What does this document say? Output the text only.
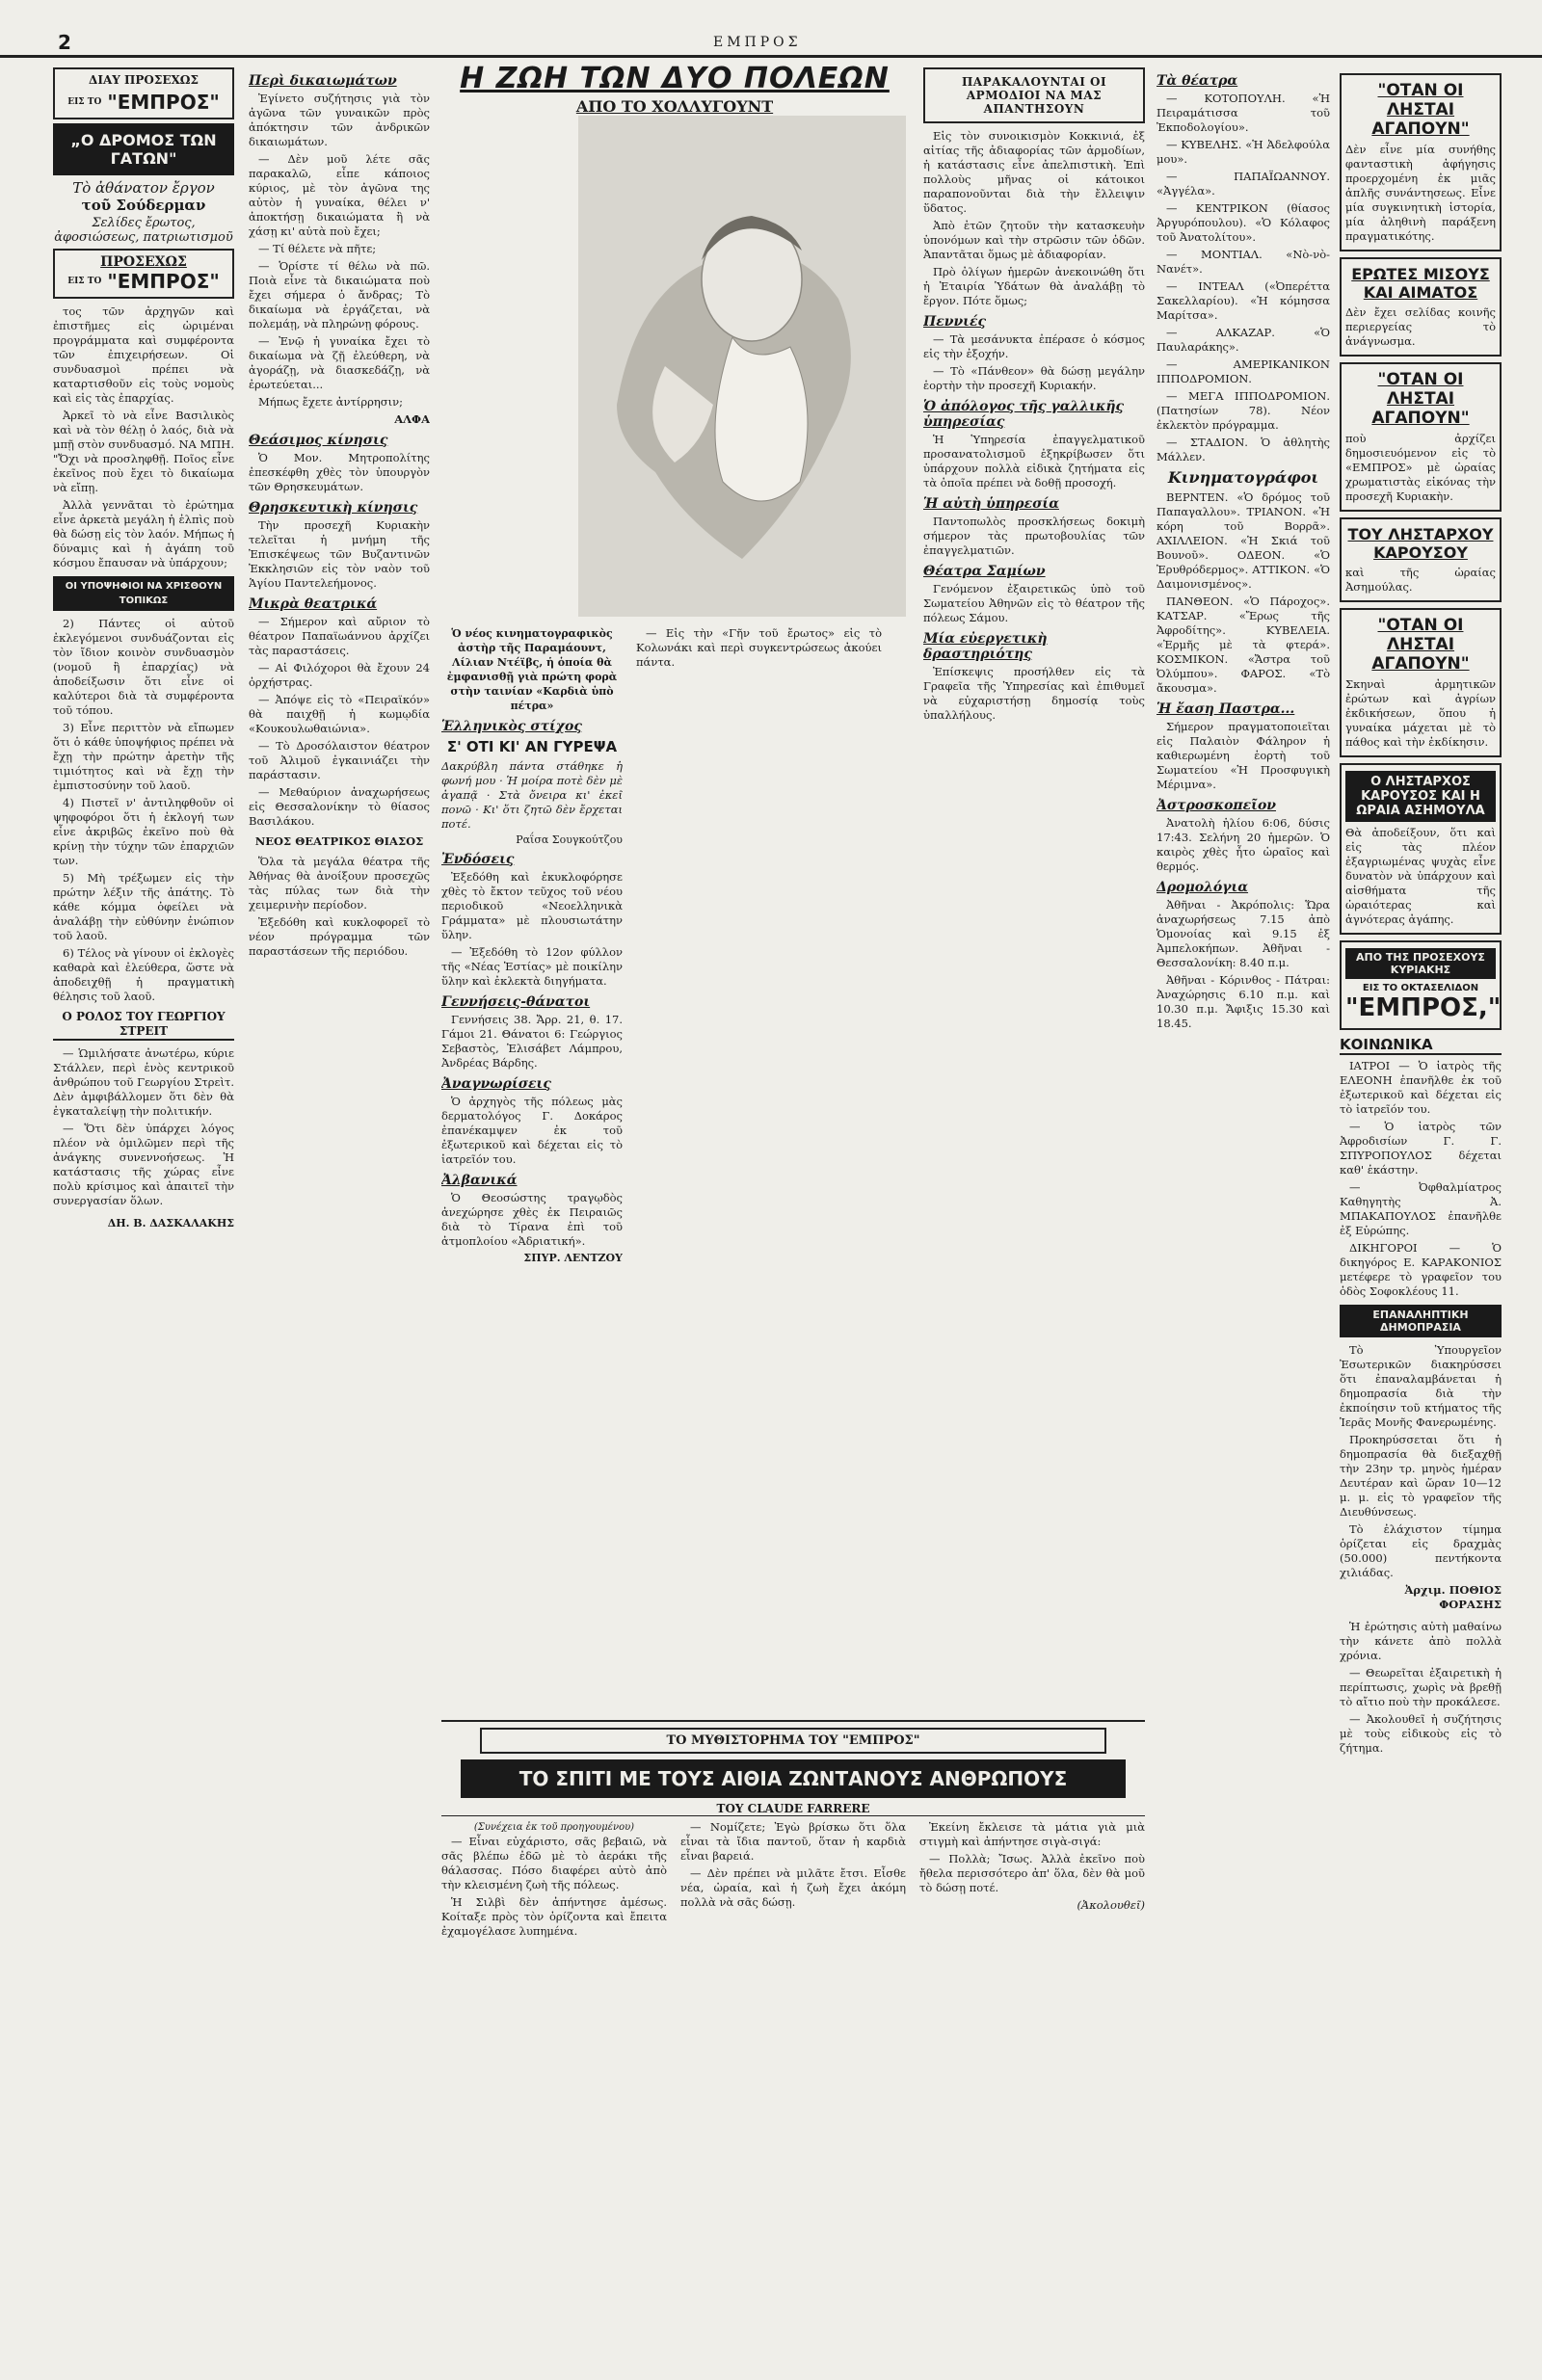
2	ΕΜΠΡΟΣ
ΔΙΑΥ ΠΡΟΣΕΧΩΣ
ΕΙΣ ΤΟ "ΕΜΠΡΟΣ"
„Ο ΔΡΟΜΟΣ ΤΩΝ ΓΑΤΩΝ"
Τὸ ἀθάνατον ἔργον
τοῦ Σούδερμαν
Σελίδες ἔρωτος, ἀφοσιώσεως, πατριωτισμοῦ
ΠΡΟΣΕΧΩΣ
ΕΙΣ ΤΟ "ΕΜΠΡΟΣ"

τος τῶν ἀρχηγῶν καὶ ἐπιστῆμες εἰς ὠριμέναι προγράμματα καὶ συμφέροντα τῶν ἐπιχειρήσεων. Οἱ συνδυασμοὶ πρέπει νὰ καταρτισθοῦν εἰς τοὺς νομοὺς καὶ εἰς τὰς ἐπαρχίας.

Ἀρκεῖ τὸ νὰ εἶνε Βασιλικὸς καὶ νὰ τὸν θέλῃ ὁ λαός, διὰ νὰ μπῇ στὸν συνδυασμό. ΝΑ ΜΠΗ. "Ὄχι νὰ προσληφθῇ. Ποῖος εἶνε ἐκεῖνος ποὺ ἔχει τὸ δικαίωμα νὰ εἴπῃ.

Ἀλλὰ γεννᾶται τὸ ἐρώτημα εἶνε ἀρκετὰ μεγάλη ἡ ἐλπὶς ποὺ θὰ δώσῃ εἰς τὸν λαόν. Μήπως ἡ δύναμις καὶ ἡ ἀγάπη τοῦ κόσμου ἔπαυσαν νὰ ὑπάρχουν;

ΟΙ ΥΠΟΨΗΦΙΟΙ ΝΑ ΧΡΙΣΘΟΥΝ ΤΟΠΙΚΩΣ

2) Πάντες οἱ αὐτοῦ ἐκλεγόμενοι συνδυάζονται εἰς τὸν ἴδιον κοινὸν συνδυασμὸν (νομοῦ ἢ ἐπαρχίας) νὰ ἀποδείξωσιν ὅτι εἶνε οἱ καλύτεροι διὰ τὰ συμφέροντα τοῦ τόπου.

3) Εἶνε περιττὸν νὰ εἴπωμεν ὅτι ὁ κάθε ὑποψήφιος πρέπει νὰ ἔχῃ τὴν πρώτην ἀρετὴν τῆς τιμιότητος καὶ νὰ ἔχῃ τὴν ἐμπιστοσύνην τοῦ λαοῦ.

4) Πιστεῖ ν' ἀντιληφθοῦν οἱ ψηφοφόροι ὅτι ἡ ἐκλογή των εἶνε ἀκριβῶς ἐκεῖνο ποὺ θὰ κρίνῃ τὴν τύχην τῶν ἐπαρχιῶν των.

5) Μὴ τρέξωμεν εἰς τὴν πρώτην λέξιν τῆς ἀπάτης. Τὸ κάθε κόμμα ὀφείλει νὰ ἀναλάβῃ τὴν εὐθύνην ἐνώπιον τοῦ λαοῦ.

6) Τέλος νὰ γίνουν οἱ ἐκλογὲς καθαρὰ καὶ ἐλεύθερα, ὥστε νὰ ἀποδειχθῇ ἡ πραγματικὴ θέλησις τοῦ λαοῦ.

Ο ΡΟΛΟΣ ΤΟΥ ΓΕΩΡΓΙΟΥ ΣΤΡΕΙΤ

— Ὡμιλήσατε ἀνωτέρω, κύριε Στάλλεν, περὶ ἑνὸς κεντρικοῦ ἀνθρώπου τοῦ Γεωργίου Στρεὶτ. Δὲν ἀμφιβάλλομεν ὅτι δὲν θὰ ἐγκαταλείψῃ τὴν πολιτικήν.

— Ὅτι δὲν ὑπάρχει λόγος πλέον νὰ ὁμιλῶμεν περὶ τῆς ἀνάγκης συνεννοήσεως. Ἡ κατάστασις τῆς χώρας εἶνε πολὺ κρίσιμος καὶ ἀπαιτεῖ τὴν συνεργασίαν ὅλων.

ΔΗ. Β. ΔΑΣΚΑΛΑΚΗΣ
Περὶ δικαιωμάτων

Ἐγίνετο συζήτησις γιὰ τὸν ἀγῶνα τῶν γυναικῶν πρὸς ἀπόκτησιν τῶν ἀνδρικῶν δικαιωμάτων.

— Δὲν μοῦ λέτε σᾶς παρακαλῶ, εἶπε κάποιος κύριος, μὲ τὸν ἀγῶνα της αὐτὸν ἡ γυναίκα, θέλει ν' ἀποκτήσῃ δικαιώματα ἢ νὰ χάσῃ κι' αὐτὰ ποὺ ἔχει;

— Τί θέλετε νὰ πῆτε;

— Ὁρίστε τί θέλω νὰ πῶ. Ποιὰ εἶνε τὰ δικαιώματα ποὺ ἔχει σήμερα ὁ ἄνδρας; Τὸ δικαίωμα νὰ ἐργάζεται, νὰ πολεμάῃ, νὰ πληρώνῃ φόρους.

— Ἐνῷ ἡ γυναίκα ἔχει τὸ δικαίωμα νὰ ζῇ ἐλεύθερη, νὰ ἀγοράζῃ, νὰ διασκεδάζῃ, νὰ ἐρωτεύεται...

Μήπως ἔχετε ἀντίρρησιν;

ΑΛΦΑ
Θεάσιμος κίνησις

Ὁ Μον. Μητροπολίτης ἐπεσκέφθη χθὲς τὸν ὑπουργὸν τῶν Θρησκευμάτων.

Θρησκευτικὴ κίνησις

Τὴν προσεχῆ Κυριακὴν τελεῖται ἡ μνήμη τῆς Ἐπισκέψεως τῶν Βυζαντινῶν Ἐκκλησιῶν εἰς τὸν ναὸν τοῦ Ἁγίου Παντελεήμονος.

Μικρὰ θεατρικά

— Σήμερον καὶ αὔριον τὸ θέατρον Παπαϊωάννου ἀρχίζει τὰς παραστάσεις.

— Αἱ Φιλόχοροι θὰ ἔχουν 24 ὀρχήστρας.

— Ἀπόψε εἰς τὸ «Πειραϊκόν» θὰ παιχθῇ ἡ κωμῳδία «Κουκουλωθαιώνια».

— Τὸ Δροσόλαιστον θέατρον τοῦ Ἀλιμοῦ ἐγκαινιάζει τὴν παράστασιν.

— Μεθαύριον ἀναχωρήσεως εἰς Θεσσαλονίκην τὸ θίασος Βασιλάκου.

ΝΕΟΣ ΘΕΑΤΡΙΚΟΣ ΘΙΑΣΟΣ

Ὅλα τὰ μεγάλα θέατρα τῆς Ἀθήνας θὰ ἀνοίξουν προσεχῶς τὰς πύλας των διὰ τὴν χειμερινὴν περίοδον.

Ἐξεδόθη καὶ κυκλοφορεῖ τὸ νέον πρόγραμμα τῶν παραστάσεων τῆς περιόδου.

Η ΖΩΗ ΤΩΝ ΔΥΟ ΠΟΛΕΩΝ
ΑΠΟ ΤΟ ΧΟΛΛΥΓΟΥΝΤ
Ὁ νέος κινηματογραφικὸς ἀστὴρ τῆς Παραμάουντ, Λίλιαν Ντέϊβς, ἡ ὁποία θὰ ἐμφανισθῇ γιὰ πρώτη φορὰ στὴν ταινίαν «Καρδιὰ ὑπὸ πέτρα»
Ἑλληνικὸς στίχος
Σ' ΟΤΙ ΚΙ' ΑΝ ΓΥΡΕΨΑ
Δακρύβλη πάντα στάθηκε ἡ φωνή μου · Ἡ μοίρα ποτὲ δὲν μὲ ἀγαπᾷ · Στὰ ὄνειρα κι' ἐκεῖ πονῶ · Κι' ὅτι ζητῶ δὲν ἔρχεται ποτέ.
Ραΐσα Σουγκούτζου
Ἐνδόσεις

Ἐξεδόθη καὶ ἐκυκλοφόρησε χθὲς τὸ ἔκτον τεῦχος τοῦ νέου περιοδικοῦ «Νεοελληνικὰ Γράμματα» μὲ πλουσιωτάτην ὕλην.

— Ἐξεδόθη τὸ 12ον φύλλον τῆς «Νέας Ἑστίας» μὲ ποικίλην ὕλην καὶ ἐκλεκτὰ διηγήματα.

Γεννήσεις-θάνατοι

Γεννήσεις 38. Ἄρρ. 21, θ. 17. Γάμοι 21. Θάνατοι 6: Γεώργιος Σεβαστὸς, Ἐλισάβετ Λάμπρου, Ἀνδρέας Βάρδης.

Ἀναγνωρίσεις

Ὁ ἀρχηγὸς τῆς πόλεως μὰς δερματολόγος Γ. Δοκάρος ἐπανέκαμψεν ἐκ τοῦ ἐξωτερικοῦ καὶ δέχεται εἰς τὸ ἰατρεῖόν του.

Ἀλβανικά

Ὁ Θεοσώστης τραγῳδὸς ἀνεχώρησε χθὲς ἐκ Πειραιῶς διὰ τὸ Τίρανα ἐπὶ τοῦ ἀτμοπλοίου «Ἀδριατική».

ΣΠΥΡ. ΛΕΝΤΖΟΥ

— Εἰς τὴν «Γῆν τοῦ ἔρωτος» εἰς τὸ Κολωνάκι καὶ περὶ συγκεντρώσεως ἀκούει πάντα.

ΠΑΡΑΚΑΛΟΥΝΤΑΙ ΟΙ ΑΡΜΟΔΙΟΙ ΝΑ ΜΑΣ ΑΠΑΝΤΗΣΟΥΝ

Εἰς τὸν συνοικισμὸν Κοκκινιά, ἐξ αἰτίας τῆς ἀδιαφορίας τῶν ἁρμοδίων, ἡ κατάστασις εἶνε ἀπελπιστικὴ. Ἐπὶ πολλοὺς μῆνας οἱ κάτοικοι παραπονοῦνται διὰ τὴν ἔλλειψιν ὕδατος.

Ἀπὸ ἐτῶν ζητοῦν τὴν κατασκευὴν ὑπονόμων καὶ τὴν στρῶσιν τῶν ὁδῶν. Ἀπαντᾶται ὅμως μὲ ἀδιαφορίαν.

Πρὸ ὀλίγων ἡμερῶν ἀνεκοινώθη ὅτι ἡ Ἑταιρία Ὑδάτων θὰ ἀναλάβῃ τὸ ἔργον. Πότε ὅμως;

Πεννιές

— Τὰ μεσάνυκτα ἐπέρασε ὁ κόσμος εἰς τὴν ἐξοχήν.

— Τὸ «Πάνθεον» θὰ δώσῃ μεγάλην ἑορτὴν τὴν προσεχῆ Κυριακήν.

Ὁ ἀπόλογος τῆς γαλλικῆς ὑπηρεσίας

Ἡ Ὑπηρεσία ἐπαγγελματικοῦ προσανατολισμοῦ ἐξηκρίβωσεν ὅτι ὑπάρχουν πολλὰ εἰδικὰ ζητήματα εἰς τὰ ὁποῖα πρέπει νὰ δοθῇ προσοχή.

Ἡ αὐτὴ ὑπηρεσία

Παντοπωλὸς προσκλήσεως δοκιμὴ σήμερον τὰς πρωτοβουλίας τῶν ἐπαγγελματιῶν.

Θέατρα Σαμίων

Γενόμενον ἐξαιρετικῶς ὑπὸ τοῦ Σωματείου Ἀθηνῶν εἰς τὸ θέατρον τῆς πόλεως Σάμου.

Μία εὐεργετικὴ δραστηριότης

Ἐπίσκεψις προσήλθεν εἰς τὰ Γραφεῖα τῆς Ὑπηρεσίας καὶ ἐπιθυμεῖ νὰ εὐχαριστήσῃ δημοσίᾳ τοὺς ὑπαλλήλους.

ΤΟ ΜΥΘΙΣΤΟΡΗΜΑ ΤΟΥ "ΕΜΠΡΟΣ"
ΤΟ ΣΠΙΤΙ ΜΕ ΤΟΥΣ ΑΙΘΙΑ ΖΩΝΤΑΝΟΥΣ ΑΝΘΡΩΠΟΥΣ
ΤΟΥ CLAUDE FARRERE
(Συνέχεια ἐκ τοῦ προηγουμένου)

— Εἶναι εὐχάριστο, σᾶς βεβαιῶ, νὰ σᾶς βλέπω ἐδῶ μὲ τὸ ἀεράκι τῆς θάλασσας. Πόσο διαφέρει αὐτὸ ἀπὸ τὴν κλεισμένη ζωὴ τῆς πόλεως.

Ἡ Σιλβὶ δὲν ἀπήντησε ἀμέσως. Κοίταξε πρὸς τὸν ὁρίζοντα καὶ ἔπειτα ἐχαμογέλασε λυπημένα.

— Νομίζετε; Ἐγὼ βρίσκω ὅτι ὅλα εἶναι τὰ ἴδια παντοῦ, ὅταν ἡ καρδιὰ εἶναι βαρειά.

— Δὲν πρέπει νὰ μιλᾶτε ἔτσι. Εἶσθε νέα, ὡραία, καὶ ἡ ζωὴ ἔχει ἀκόμη πολλὰ νὰ σᾶς δώσῃ.

Ἐκείνη ἔκλεισε τὰ μάτια γιὰ μιὰ στιγμὴ καὶ ἀπήντησε σιγὰ-σιγά:

— Πολλὰ; Ἴσως. Ἀλλὰ ἐκεῖνο ποὺ ἤθελα περισσότερο ἀπ' ὅλα, δὲν θὰ μοῦ τὸ δώσῃ ποτέ.

(Ἀκολουθεῖ)
Τὰ θέατρα

— ΚΟΤΟΠΟΥΛΗ. «Ἡ Πειραμάτισσα τοῦ Ἐκποδολογίου».

— ΚΥΒΕΛΗΣ. «Ἡ Ἀδελφούλα μου».

— ΠΑΠΑΪΩΑΝΝΟΥ. «Ἀγγέλα».

— ΚΕΝΤΡΙΚΟΝ (θίασος Ἀργυρόπουλου). «Ὁ Κόλαφος τοῦ Ἀνατολίτου».

— ΜΟΝΤΙΑΛ. «Νὸ-νὸ-Νανέτ».

— ΙΝΤΕΑΛ («Ὀπερέττα Σακελλαρίου). «Ἡ κόμησσα Μαρίτσα».

— ΑΛΚΑΖΑΡ. «Ὁ Παυλαράκης».

— ΑΜΕΡΙΚΑΝΙΚΟΝ ΙΠΠΟΔΡΟΜΙΟΝ.

— ΜΕΓΑ ΙΠΠΟΔΡΟΜΙΟΝ. (Πατησίων 78). Νέον ἐκλεκτὸν πρόγραμμα.

— ΣΤΑΔΙΟΝ. Ὁ ἀθλητὴς Μάλλεν.

Κινηματογράφοι

ΒΕΡΝΤΕΝ. «Ὁ δρόμος τοῦ Παπαγαλλου». ΤΡΙΑΝΟΝ. «Ἡ κόρη τοῦ Βορρᾶ». ΑΧΙΛΛΕΙΟΝ. «Ἡ Σκιά τοῦ Βουνοῦ». ΟΔΕΟΝ. «Ὁ Ἐρυθρόδερμος». ΑΤΤΙΚΟΝ. «Ὁ Δαιμονισμένος».

ΠΑΝΘΕΟΝ. «Ὁ Πάροχος». ΚΑΤΣΑΡ. «Ἔρως τῆς Ἀφροδίτης». ΚΥΒΕΛΕΙΑ. «Ἐρμῆς μὲ τὰ φτερά». ΚΟΣΜΙΚΟΝ. «Ἄστρα τοῦ Ὀλύμπου». ΦΑΡΟΣ. «Τὸ ἄκουσμα».

Ἡ ἔαση Παστρα...

Σήμερον πραγματοποιεῖται εἰς Παλαιὸν Φάληρον ἡ καθιερωμένη ἑορτὴ τοῦ Σωματείου «Ἡ Προσφυγικὴ Μέριμνα».

Ἀστροσκοπεῖον

Ἀνατολὴ ἡλίου 6:06, δύσις 17:43. Σελήνη 20 ἡμερῶν. Ὁ καιρὸς χθὲς ἦτο ὡραῖος καὶ θερμός.

Δρομολόγια

Ἀθῆναι - Ἀκρόπολις: Ὥρα ἀναχωρήσεως 7.15 ἀπὸ Ὁμονοίας καὶ 9.15 ἐξ Ἀμπελοκήπων. Ἀθῆναι - Θεσσαλονίκη: 8.40 π.μ.

Ἀθῆναι - Κόρινθος - Πάτραι: Ἀναχώρησις 6.10 π.μ. καὶ 10.30 π.μ. Ἄφιξις 15.30 καὶ 18.45.

"ΟΤΑΝ ΟΙ ΛΗΣΤΑΙ ΑΓΑΠΟΥΝ"
Δὲν εἶνε μία συνήθης φανταστικὴ ἀφήγησις προερχομένη ἐκ μιᾶς ἀπλῆς συνάντησεως. Εἶνε μία συγκινητικὴ ἱστορία, μία ἀληθινὴ παράξενη πραγματικότης.
ΕΡΩΤΕΣ ΜΙΣΟΥΣ ΚΑΙ ΑΙΜΑΤΟΣ
Δὲν ἔχει σελίδας κοινῆς περιεργείας τὸ ἀνάγνωσμα.
"ΟΤΑΝ ΟΙ ΛΗΣΤΑΙ ΑΓΑΠΟΥΝ"
ποὺ ἀρχίζει δημοσιευόμενον εἰς τὸ «ΕΜΠΡΟΣ» μὲ ὡραίας χρωματιστὰς εἰκόνας τὴν προσεχῆ Κυριακὴν.
ΤΟΥ ΛΗΣΤΑΡΧΟΥ ΚΑΡΟΥΣΟΥ
καὶ τῆς ὡραίας Ἀσημούλας.
"ΟΤΑΝ ΟΙ ΛΗΣΤΑΙ ΑΓΑΠΟΥΝ"
Σκηναὶ ἀρμητικῶν ἐρώτων καὶ ἀγρίων ἐκδικήσεων, ὅπου ἡ γυναίκα μάχεται μὲ τὸ πάθος καὶ τὴν ἐκδίκησιν.
Ο ΛΗΣΤΑΡΧΟΣ ΚΑΡΟΥΣΟΣ ΚΑΙ Η ΩΡΑΙΑ ΑΣΗΜΟΥΛΑ
Θὰ ἀποδείξουν, ὅτι καὶ εἰς τὰς πλέον ἐξαγριωμένας ψυχὰς εἶνε δυνατὸν νὰ ὑπάρχουν καὶ αἰσθήματα τῆς ὡραιότερας καὶ ἁγνότερας ἀγάπης.
ΑΠΟ ΤΗΣ ΠΡΟΣΕΧΟΥΣ ΚΥΡΙΑΚΗΣ
ΕΙΣ ΤΟ ΟΚΤΑΣΕΛΙΔΟΝ
"ΕΜΠΡΟΣ,"
ΚΟΙΝΩΝΙΚΑ

ΙΑΤΡΟΙ — Ὁ ἰατρὸς τῆς ΕΛΕΟΝΗ ἐπανῆλθε ἐκ τοῦ ἐξωτερικοῦ καὶ δέχεται εἰς τὸ ἰατρεῖόν του.

— Ὁ ἰατρὸς τῶν Ἀφροδισίων Γ. Γ. ΣΠΥΡΟΠΟΥΛΟΣ δέχεται καθ' ἑκάστην.

— Ὀφθαλμίατρος Καθηγητὴς Ἀ. ΜΠΑΚΑΠΟΥΛΟΣ ἐπανῆλθε ἐξ Εὐρώπης.

ΔΙΚΗΓΟΡΟΙ — Ὁ δικηγόρος Ε. ΚΑΡΑΚΟΝΙΟΣ μετέφερε τὸ γραφεῖον του ὁδὸς Σοφοκλέους 11.

ΕΠΑΝΑΛΗΠΤΙΚΗ ΔΗΜΟΠΡΑΣΙΑ

Τὸ Ὑπουργεῖον Ἐσωτερικῶν διακηρύσσει ὅτι ἐπαναλαμβάνεται ἡ δημοπρασία διὰ τὴν ἐκποίησιν τοῦ κτήματος τῆς Ἱερᾶς Μονῆς Φανερωμένης.

Προκηρύσσεται ὅτι ἡ δημοπρασία θὰ διεξαχθῇ τὴν 23ην τρ. μηνὸς ἡμέραν Δευτέραν καὶ ὥραν 10—12 μ. μ. εἰς τὸ γραφεῖον τῆς Διευθύνσεως.

Τὸ ἐλάχιστον τίμημα ὁρίζεται εἰς δραχμὰς (50.000) πεντήκοντα χιλιάδας.

Ἀρχιμ. ΠΟΘΙΟΣ ΦΟΡΑΣΗΣ

Ἡ ἐρώτησις αὐτὴ μαθαίνω τὴν κάνετε ἀπὸ πολλὰ χρόνια.

— Θεωρεῖται ἐξαιρετικὴ ἡ περίπτωσις, χωρὶς νὰ βρεθῇ τὸ αἴτιο ποὺ τὴν προκάλεσε.

— Ἀκολουθεῖ ἡ συζήτησις μὲ τοὺς εἰδικοὺς εἰς τὸ ζήτημα.
